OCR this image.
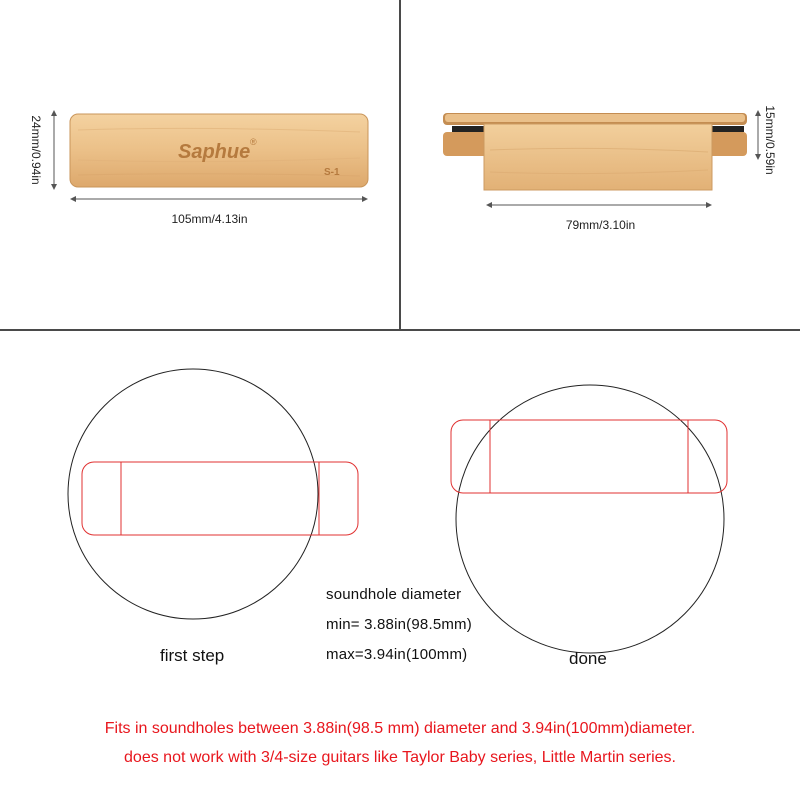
Saphue ®
S-1
24mm/0.94in
105mm/4.13in
15mm/0.59in
79mm/3.10in
first step	done
soundhole diameter
min= 3.88in(98.5mm)
max=3.94in(100mm)
Fits in soundholes between 3.88in(98.5 mm) diameter and 3.94in(100mm)diameter.
does not work with 3/4-size guitars like Taylor Baby series, Little Martin series.
